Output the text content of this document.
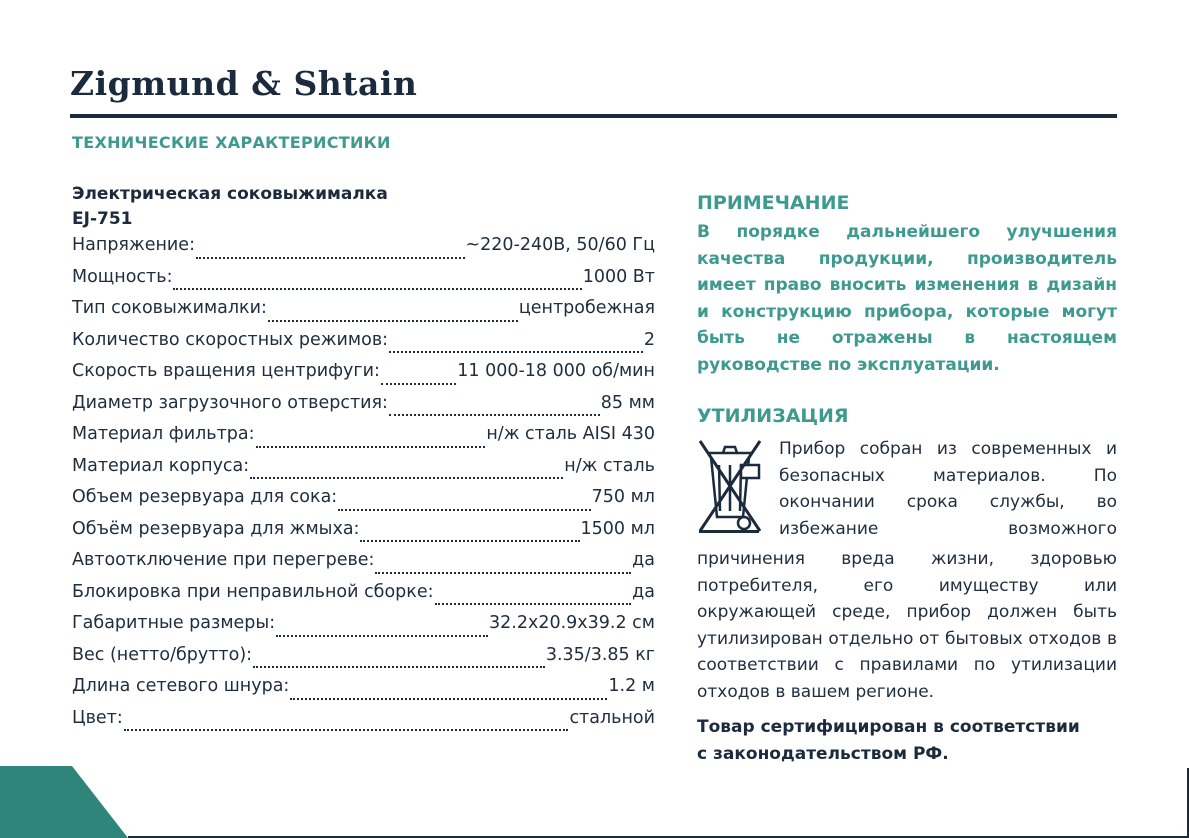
Zigmund & Shtain
ТЕХНИЧЕСКИЕ ХАРАКТЕРИСТИКИ
Электрическая соковыжималка
EJ-751
Напряжение:	~220-240В, 50/60 Гц
Мощность:	1000 Вт
Тип соковыжималки:	центробежная
Количество скоростных режимов:	2
Скорость вращения центрифуги:	11 000-18 000 об/мин
Диаметр загрузочного отверстия:	85 мм
Материал фильтра:	н/ж сталь AISI 430
Материал корпуса:	н/ж сталь
Объем резервуара для сока:	750 мл
Объём резервуара для жмыха:	1500 мл
Автоотключение при перегреве:	да
Блокировка при неправильной сборке:	да
Габаритные размеры:	32.2x20.9x39.2 см
Вес (нетто/брутто):	3.35/3.85 кг
Длина сетевого шнура:	1.2 м
Цвет:	стальной
ПРИМЕЧАНИЕ
В порядке дальнейшего улучшения качества продукции, производитель имеет право вносить изменения в дизайн и конструкцию прибора, которые могут быть не отражены в настоящем руководстве по эксплуатации.
УТИЛИЗАЦИЯ
Прибор собран из современных и безопасных материалов. По окончании срока службы, во избежание возможного
причинения вреда жизни, здоровью потребителя, его имуществу или окружающей среде, прибор должен быть утилизирован отдельно от бытовых отходов в соответствии с правилами по утилизации отходов в вашем регионе.
Товар сертифицирован в соответствии
с законодательством РФ.
